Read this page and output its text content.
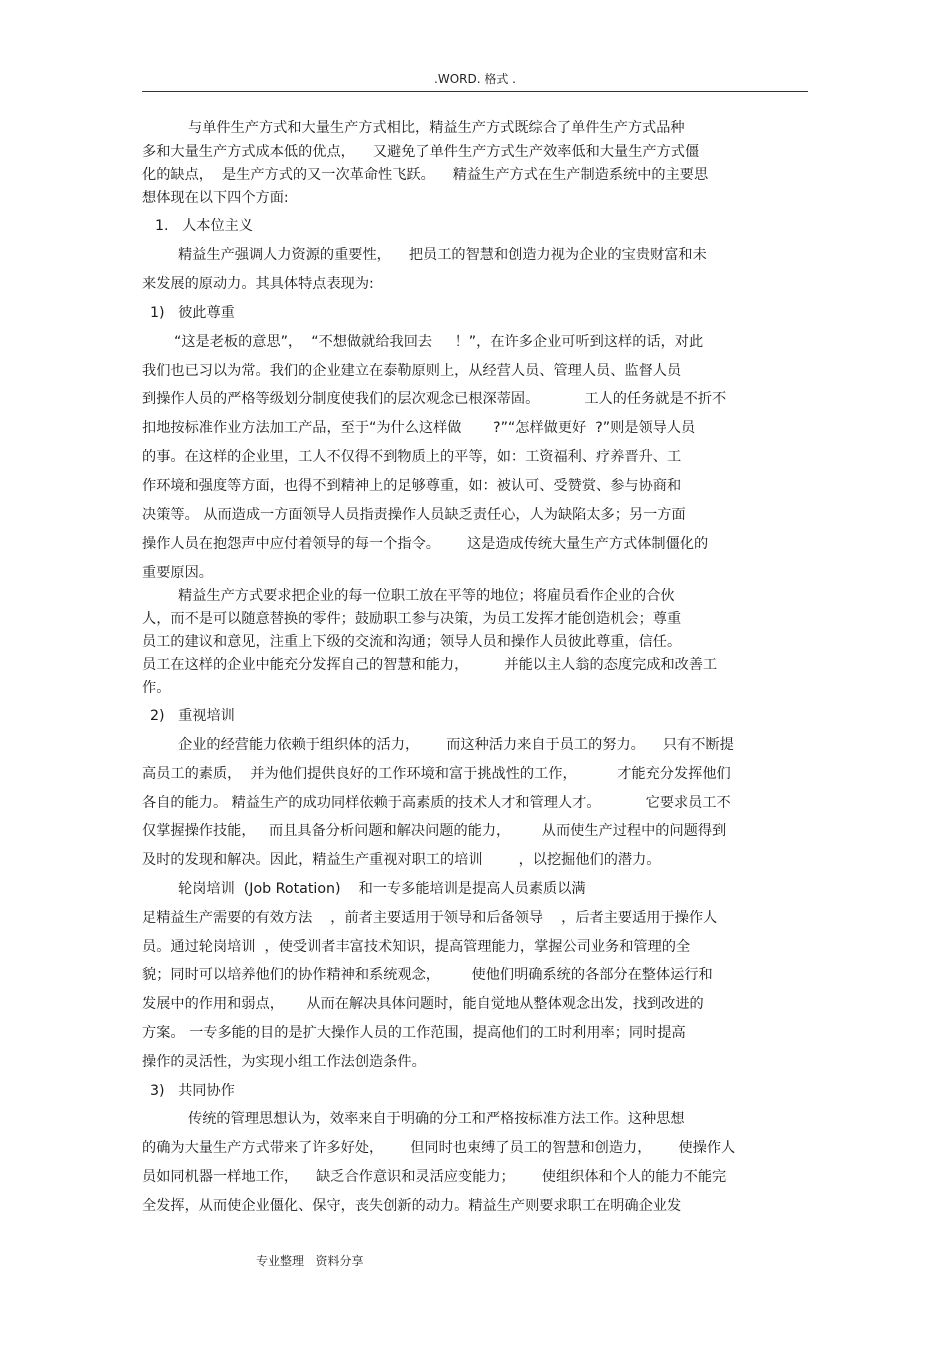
.WORD. 格式 .
与单件生产方式和大量生产方式相比，精益生产方式既综合了单件生产方式品种
多和大量生产方式成本低的优点，    又避免了单件生产方式生产效率低和大量生产方式僵
化的缺点，  是生产方式的又一次革命性飞跃。    精益生产方式在生产制造系统中的主要思
想体现在以下四个方面:
1.   人本位主义
精益生产强调人力资源的重要性，    把员工的智慧和创造力视为企业的宝贵财富和未
来发展的原动力。其具体特点表现为:
1)   彼此尊重
“这是老板的意思”，  “不想做就给我回去     ！”，在许多企业可听到这样的话，对此
我们也已习以为常。我们的企业建立在泰勒原则上，从经营人员、管理人员、监督人员
到操作人员的严格等级划分制度使我们的层次观念已根深蒂固。          工人的任务就是不折不
扣地按标准作业方法加工产品，至于“为什么这样做       ?”“怎样做更好  ?”则是领导人员
的事。在这样的企业里，工人不仅得不到物质上的平等，如：工资福利、疗养晋升、工
作环境和强度等方面，也得不到精神上的足够尊重，如：被认可、受赞赏、参与协商和
决策等。 从而造成一方面领导人员指责操作人员缺乏责任心，人为缺陷太多；另一方面
操作人员在抱怨声中应付着领导的每一个指令。      这是造成传统大量生产方式体制僵化的
重要原因。
精益生产方式要求把企业的每一位职工放在平等的地位；将雇员看作企业的合伙
人，而不是可以随意替换的零件；鼓励职工参与决策，为员工发挥才能创造机会；尊重
员工的建议和意见，注重上下级的交流和沟通；领导人员和操作人员彼此尊重，信任。
员工在这样的企业中能充分发挥自己的智慧和能力，        并能以主人翁的态度完成和改善工
作。
2)   重视培训
企业的经营能力依赖于组织体的活力，      而这种活力来自于员工的努力。    只有不断提
高员工的素质，  并为他们提供良好的工作环境和富于挑战性的工作，         才能充分发挥他们
各自的能力。 精益生产的成功同样依赖于高素质的技术人才和管理人才。          它要求员工不
仅掌握操作技能，   而且具备分析问题和解决问题的能力，       从而使生产过程中的问题得到
及时的发现和解决。因此，精益生产重视对职工的培训        ，以挖掘他们的潜力。
轮岗培训  (Job Rotation)    和一专多能培训是提高人员素质以满
足精益生产需要的有效方法    ，前者主要适用于领导和后备领导    ，后者主要适用于操作人
员。通过轮岗培训  ，使受训者丰富技术知识，提高管理能力，掌握公司业务和管理的全
貌；同时可以培养他们的协作精神和系统观念，       使他们明确系统的各部分在整体运行和
发展中的作用和弱点，     从而在解决具体问题时，能自觉地从整体观念出发，找到改进的
方案。 一专多能的目的是扩大操作人员的工作范围，提高他们的工时利用率；同时提高
操作的灵活性，为实现小组工作法创造条件。
3)   共同协作
传统的管理思想认为，效率来自于明确的分工和严格按标准方法工作。这种思想
的确为大量生产方式带来了许多好处，      但同时也束缚了员工的智慧和创造力，      使操作人
员如同机器一样地工作，    缺乏合作意识和灵活应变能力；      使组织体和个人的能力不能完
全发挥，从而使企业僵化、保守，丧失创新的动力。精益生产则要求职工在明确企业发
专业整理   资料分享
